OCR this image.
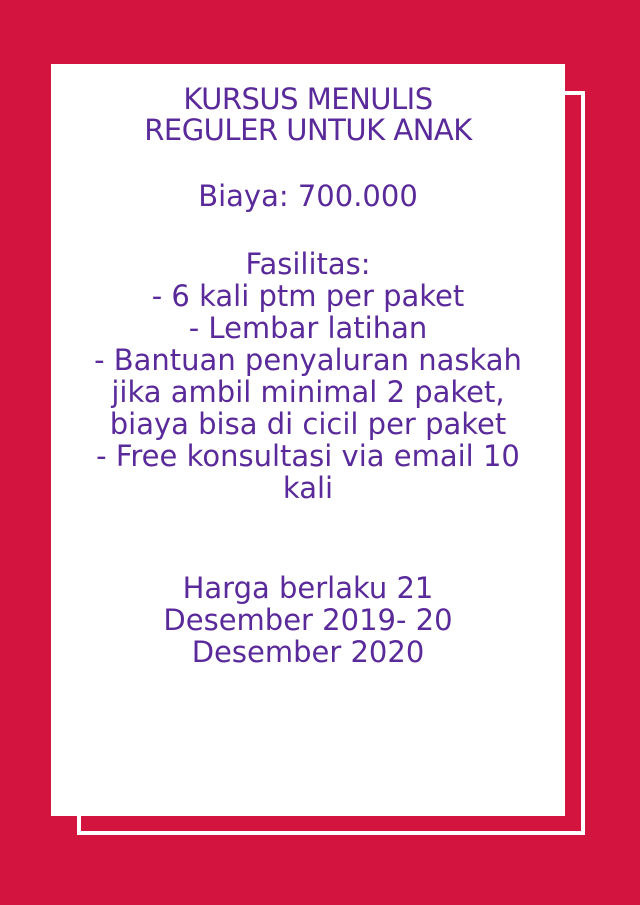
KURSUS MENULIS
REGULER UNTUK ANAK
Biaya: 700.000
Fasilitas:
- 6 kali ptm per paket
- Lembar latihan
- Bantuan penyaluran naskah jika ambil minimal 2 paket, biaya bisa di cicil per paket
- Free konsultasi via email 10 kali
Harga berlaku 21
Desember 2019- 20
Desember 2020
